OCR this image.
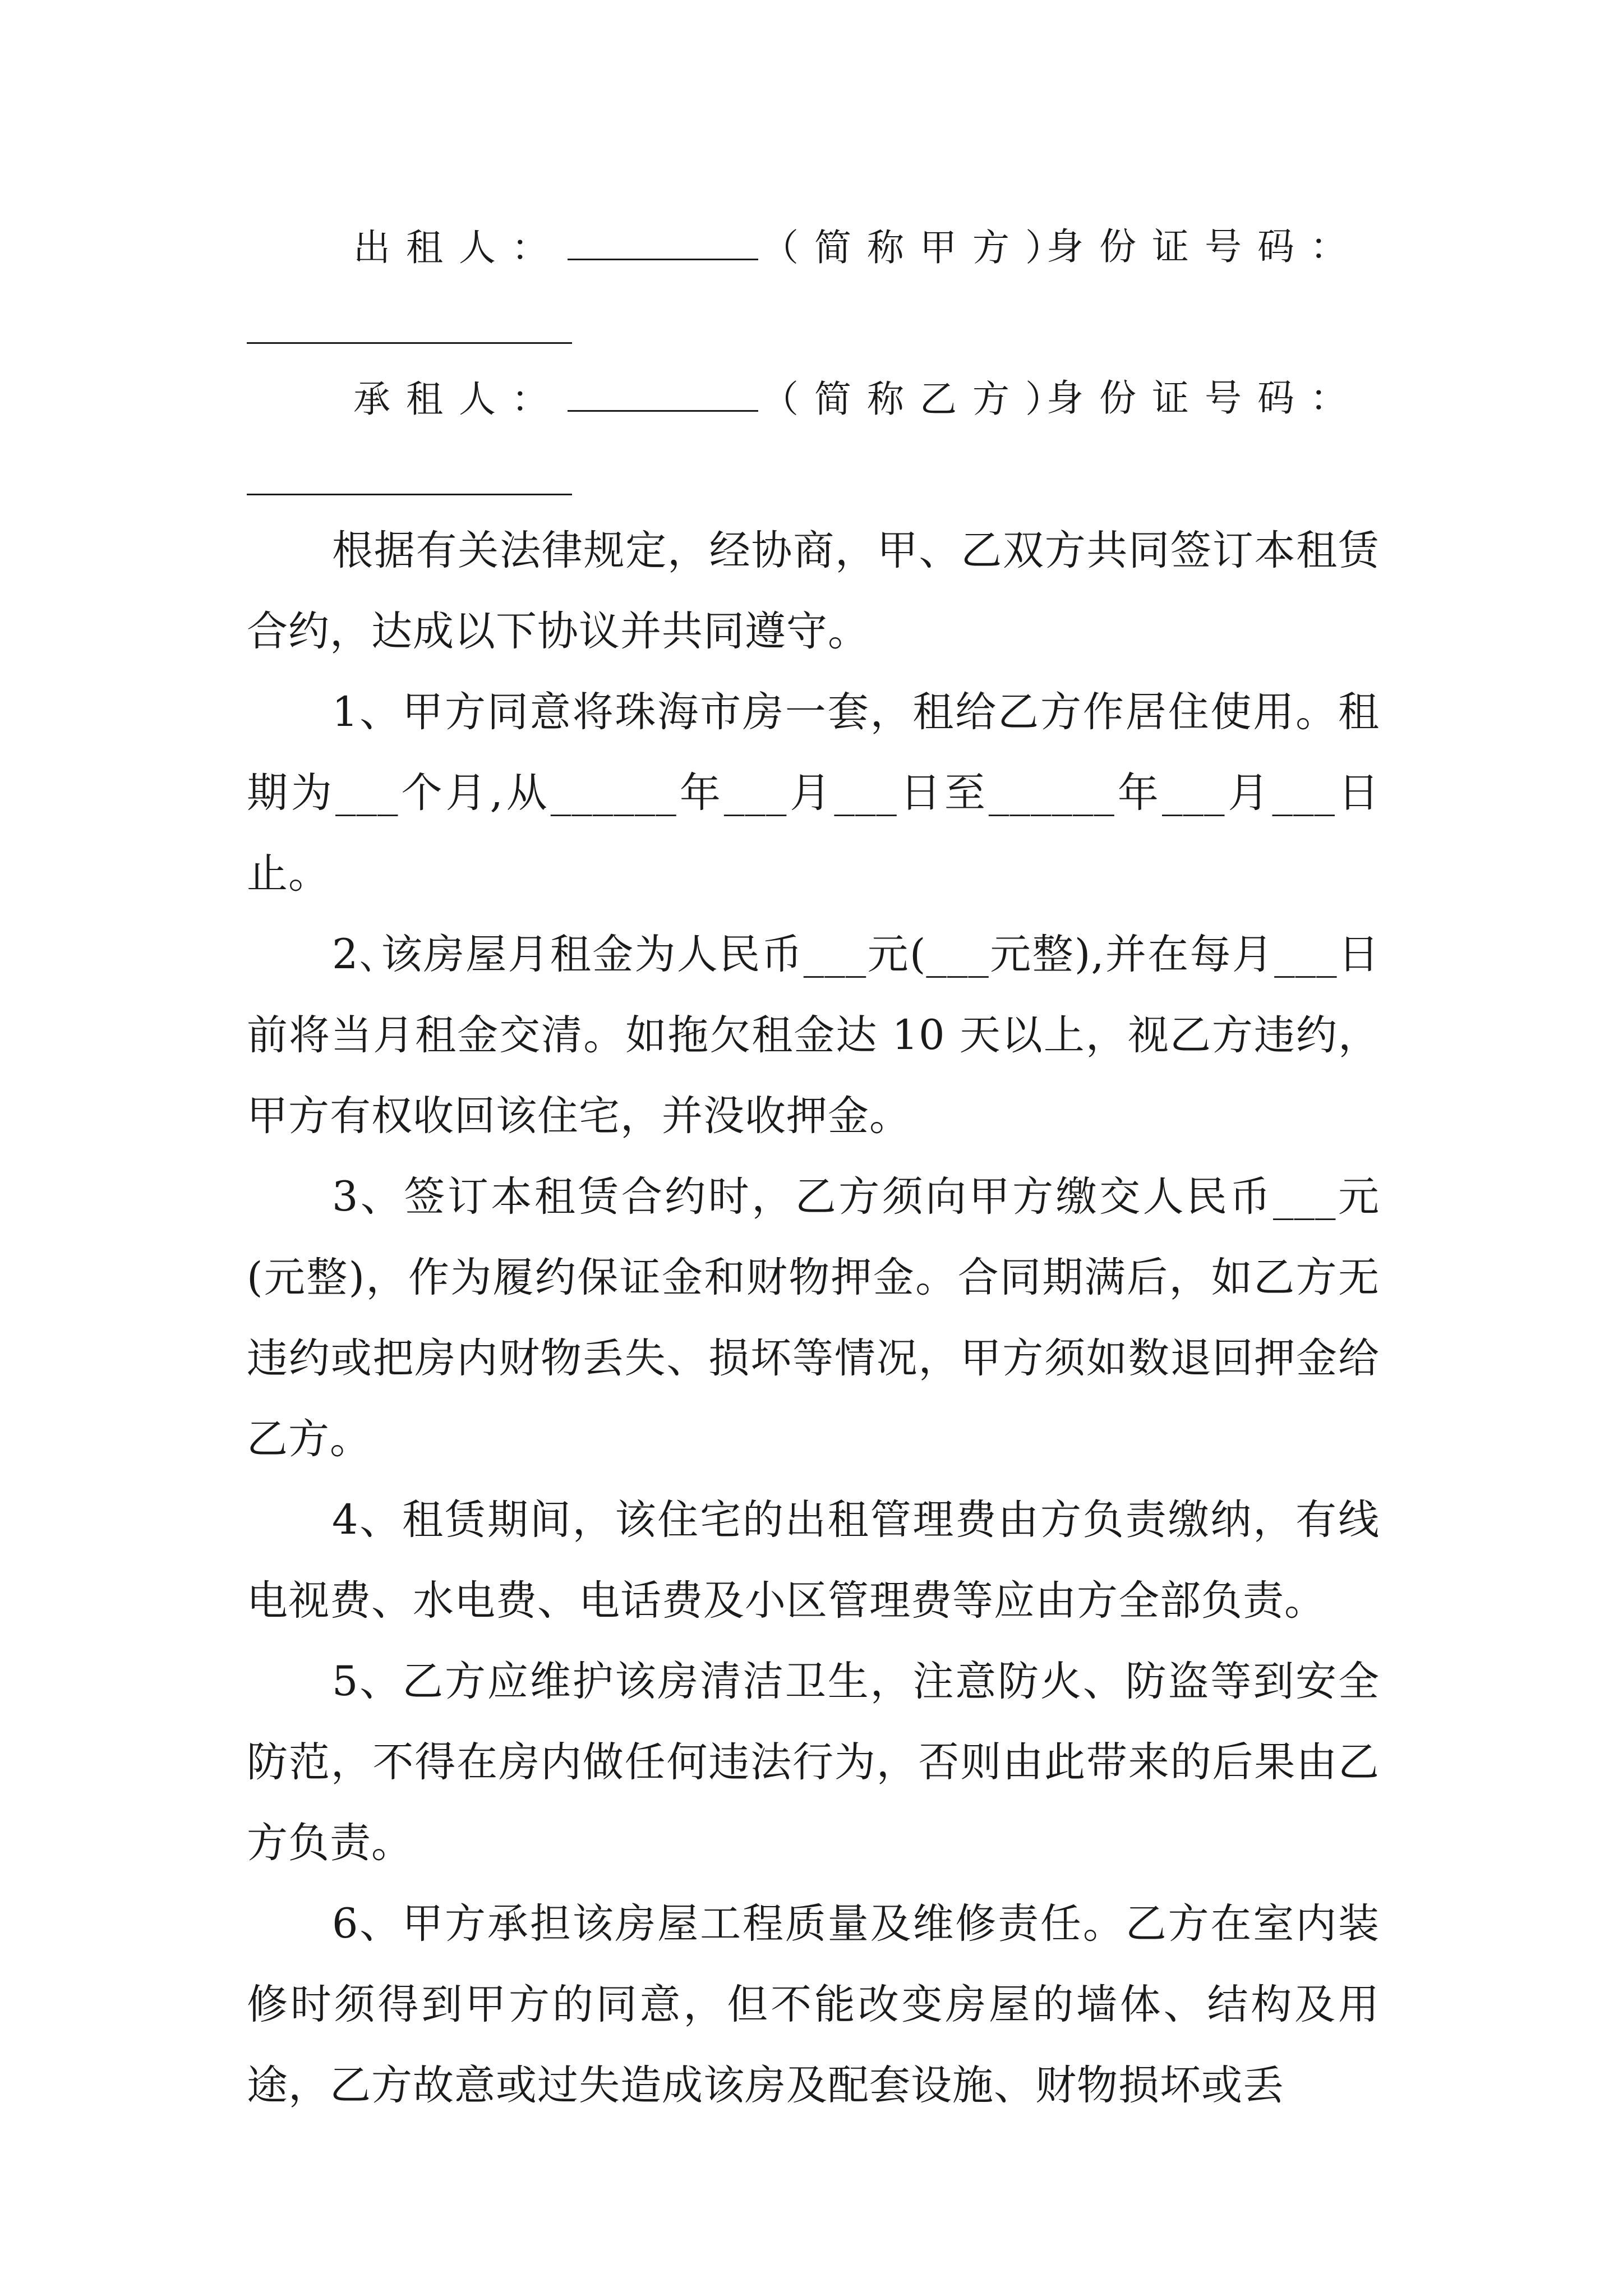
出租人：	（简称甲方）
身份证号码：
承租人：	（简称乙方）
身份证号码：

根据有关法律规定，经协商，甲、乙双方共同签订本租赁合约，达成以下协议并共同遵守。

1、甲方同意将珠海市房一套，租给乙方作居住使用。租期为___个月,从______年___月___日至______年___月___日止。

2､该房屋月租金为人民币___元(___元整),并在每月___日前将当月租金交清。如拖欠租金达 10 天以上，视乙方违约，甲方有权收回该住宅，并没收押金。

3、签订本租赁合约时，乙方须向甲方缴交人民币___元(元整)，作为履约保证金和财物押金。合同期满后，如乙方无违约或把房内财物丢失、损坏等情况，甲方须如数退回押金给乙方。

4、租赁期间，该住宅的出租管理费由方负责缴纳，有线电视费、水电费、电话费及小区管理费等应由方全部负责。

5、乙方应维护该房清洁卫生，注意防火、防盗等到安全防范，不得在房内做任何违法行为，否则由此带来的后果由乙方负责。

6、甲方承担该房屋工程质量及维修责任。乙方在室内装修时须得到甲方的同意，但不能改变房屋的墙体、结构及用途，乙方故意或过失造成该房及配套设施、财物损坏或丢
